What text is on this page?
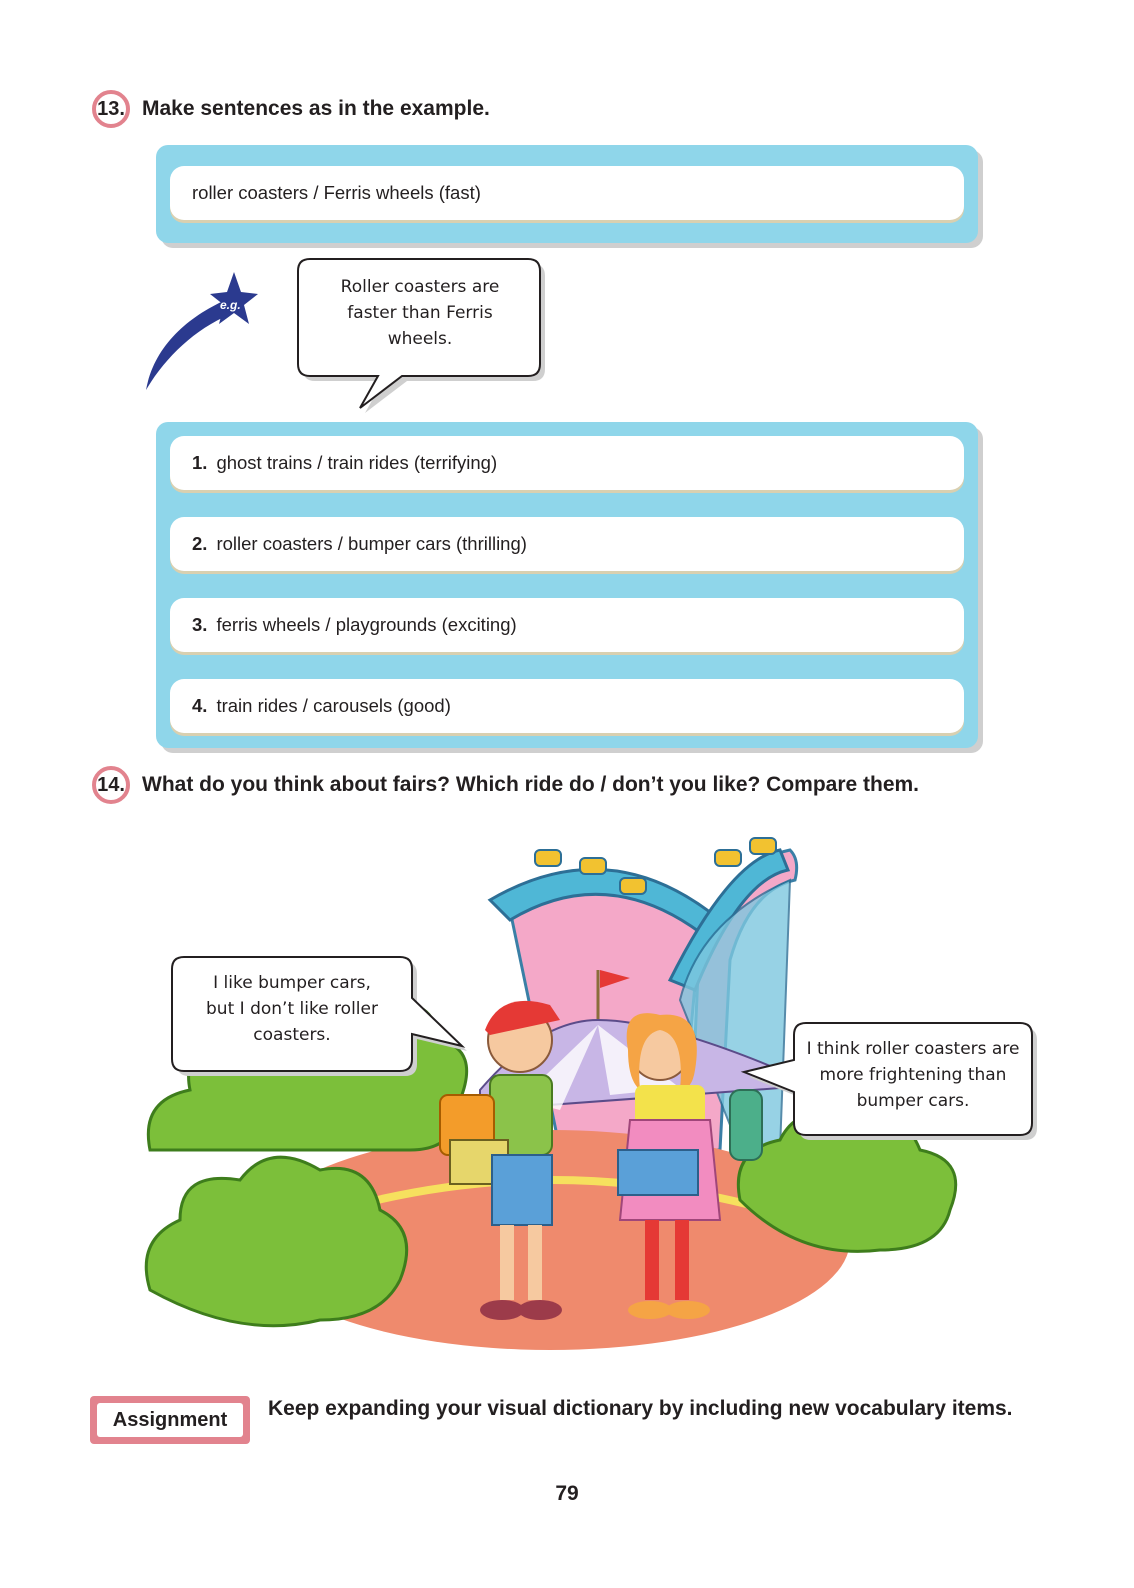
13. Make sentences as in the example.
roller coasters / Ferris wheels (fast)
e.g.
Roller coasters are
faster than Ferris
wheels.
1. ghost trains / train rides (terrifying)
2. roller coasters / bumper cars (thrilling)
3. ferris wheels / playgrounds (exciting)
4. train rides / carousels (good)
14. What do you think about fairs? Which ride do / don’t you like? Compare them.
I like bumper cars,
but I don’t like roller
coasters.
I think roller coasters are
more frightening than
bumper cars.
Assignment	Keep expanding your visual dictionary by including new vocabulary items.
79
